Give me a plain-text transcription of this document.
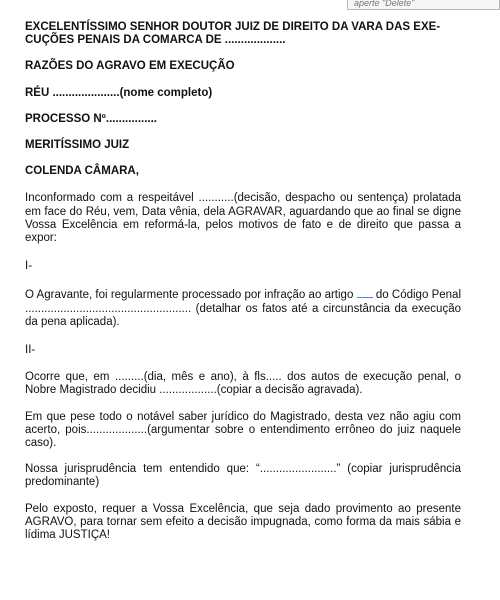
aperte "Delete"

EXCELENTÍSSIMO SENHOR DOUTOR JUIZ DE DIREITO DA VARA DAS EXE-

CUÇÕES PENAIS DA COMARCA DE ...................

RAZÕES DO AGRAVO EM EXECUÇÃO

RÉU .....................(nome completo)

PROCESSO Nº................

MERITÍSSIMO JUIZ

COLENDA CÂMARA,

Inconformado com a respeitável ...........(decisão, despacho ou sentença) prolatada em face do Réu, vem, Data vênia, dela AGRAVAR, aguardando que ao final se digne Vossa Excelência em reformá-la, pelos motivos de fato e de direito que passa a expor:

I-

O Agravante, foi regularmente processado por infração ao artigo  do Código Penal .................................................... (detalhar os fatos até a circunstância da execução da pena aplicada).

II-

Ocorre que, em .........(dia, mês e ano), à fls..... dos autos de execução penal, o Nobre Magistrado decidiu ..................(copiar a decisão agravada).

Em que pese todo o notável saber jurídico do Magistrado, desta vez não agiu com acerto, pois...................(argumentar sobre o entendimento errôneo do juiz naquele caso).

Nossa jurisprudência tem entendido que: “........................” (copiar jurisprudência predominante)

Pelo exposto, requer a Vossa Excelência, que seja dado provimento ao presente AGRAVO, para tornar sem efeito a decisão impugnada, como forma da mais sábia e lídima JUSTIÇA!
